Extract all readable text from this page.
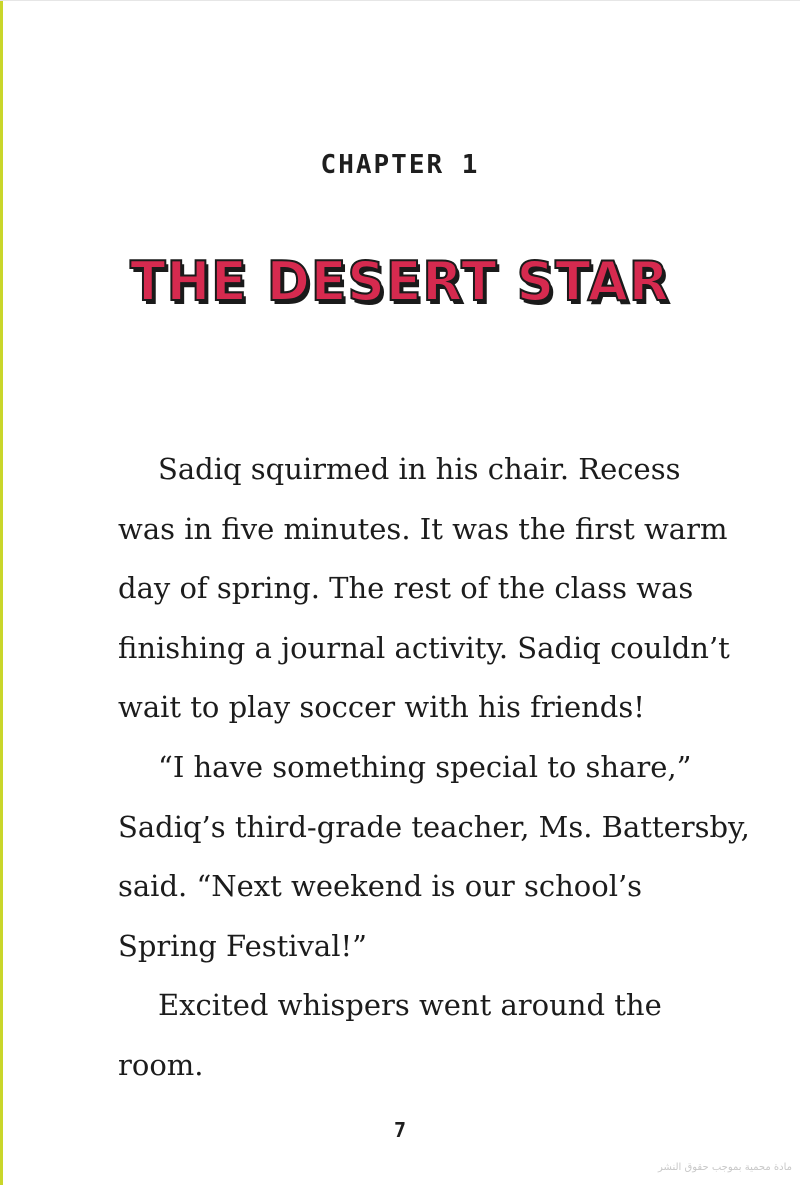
CHAPTER 1
THE DESERT STAR
Sadiq squirmed in his chair. Recess
was in five minutes. It was the first warm
day of spring. The rest of the class was
finishing a journal activity. Sadiq couldn’t
wait to play soccer with his friends!
“I have something special to share,”
Sadiq’s third-grade teacher, Ms. Battersby,
said. “Next weekend is our school’s
Spring Festival!”
Excited whispers went around the
room.
7
مادة محمية بموجب حقوق النشر
